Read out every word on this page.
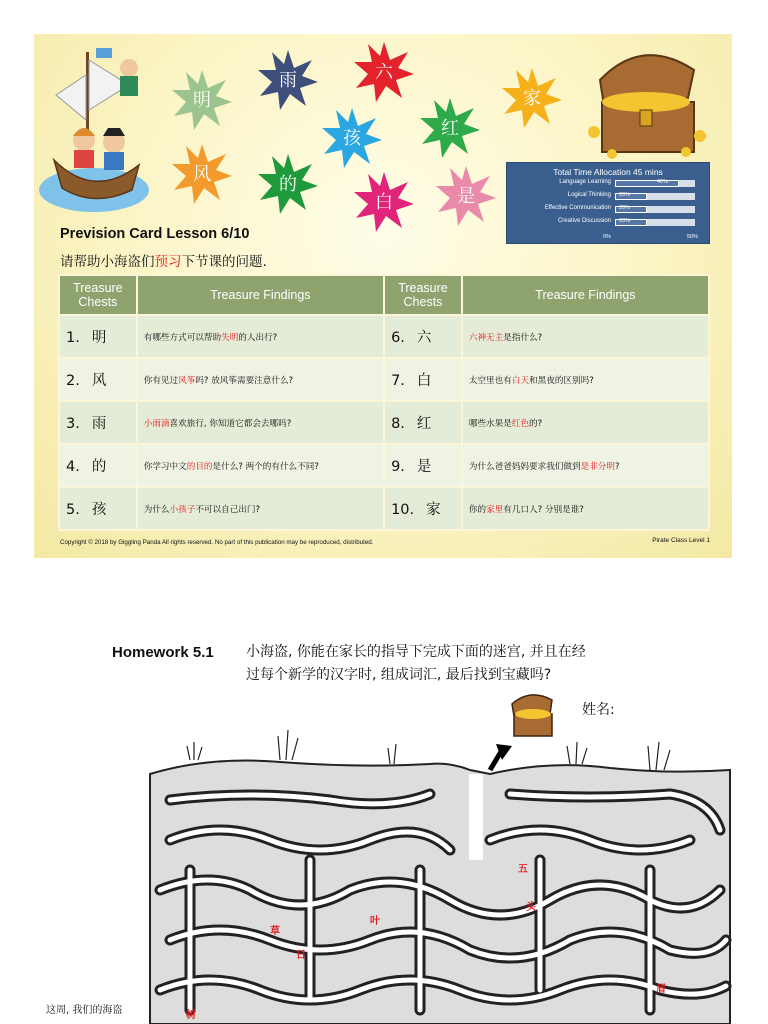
明
雨	六
家
孩	红
风	的
白	是
Total Time Allocation 45 mins
Language Learning	40%
Logical Thinking 20%
Effective Communication 20%
Creative Discussion 20%
0%	50%
Prevision Card Lesson 6/10
请帮助小海盗们预习下节课的问题.
Treasure Chests	Treasure Findings	Treasure Chests	Treasure Findings
1. 明	有哪些方式可以帮助失明的人出行?	6. 六	六神无主是指什么?
2. 风	你有见过风筝吗? 放风筝需要注意什么?	7. 白	太空里也有白天和黑夜的区别吗?
3. 雨	小雨滴喜欢旅行, 你知道它都会去哪吗?	8. 红	哪些水果是红色的?
4. 的	你学习中文的目的是什么? 两个的有什么不同?	9. 是	为什么爸爸妈妈要求我们做到是非分明?
5. 孩	为什么小孩子不可以自己出门?	10. 家	你的家里有几口人? 分别是谁?
Copyright © 2018 by Giggling Panda All rights reserved. No part of this publication may be reproduced, distributed.	Pirate Class Level 1
Homework 5.1 小海盗, 你能在家长的指导下完成下面的迷宫, 并且在经
过每个新学的汉字时, 组成词汇, 最后找到宝藏吗?
姓名:
五
头
草
叶
日
眉
树
这周, 我们的海盗
